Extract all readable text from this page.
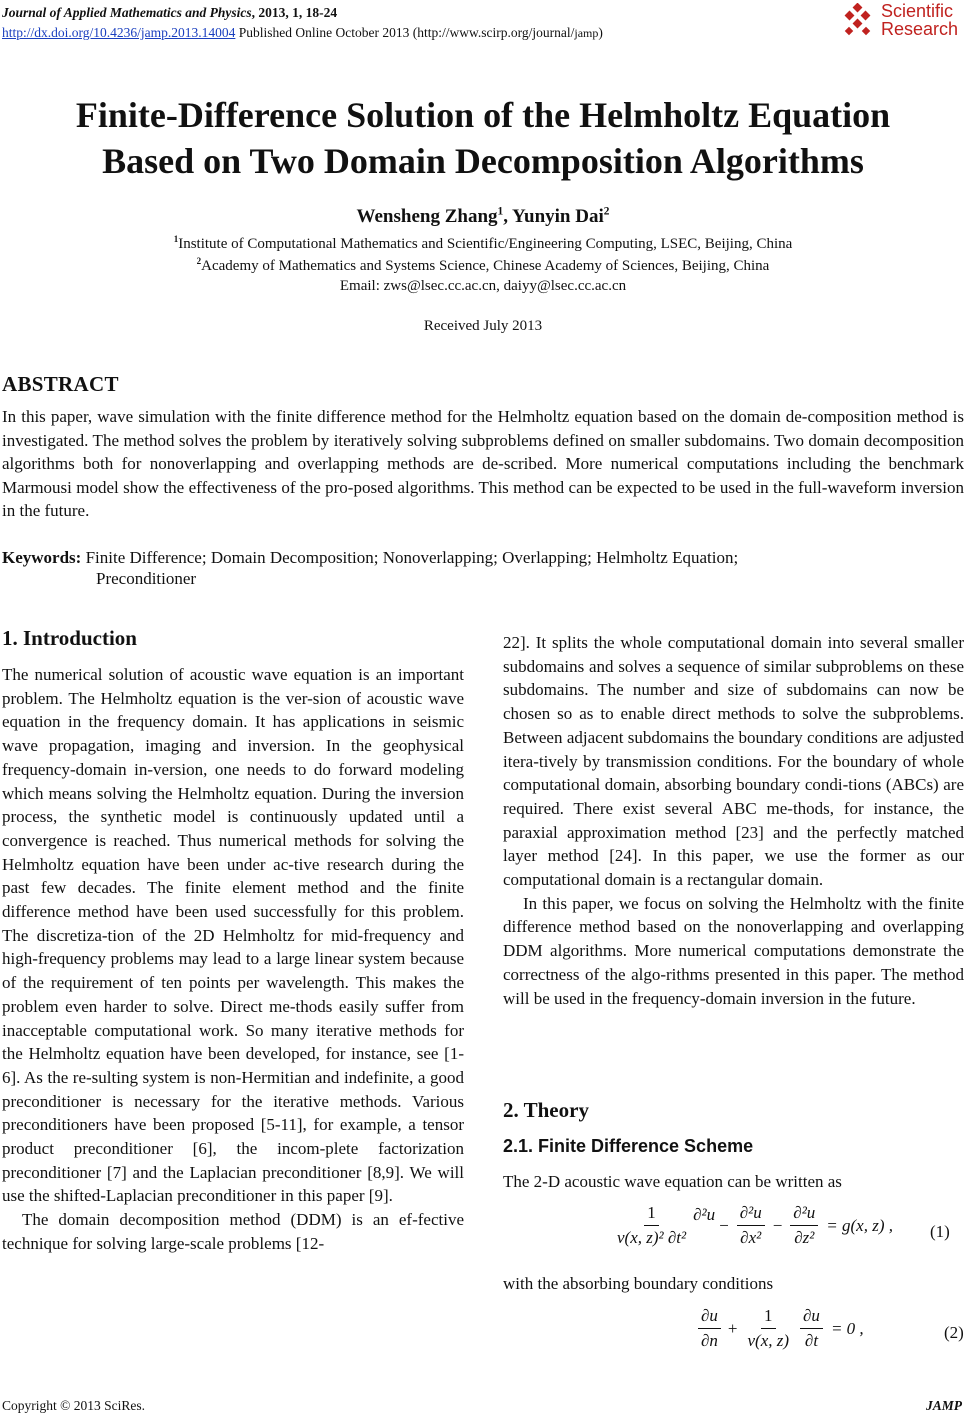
Journal of Applied Mathematics and Physics, 2013, 1, 18-24
http://dx.doi.org/10.4236/jamp.2013.14004 Published Online October 2013 (http://www.scirp.org/journal/jamp)
Scientific
Research
Finite-Difference Solution of the Helmholtz Equation
Based on Two Domain Decomposition Algorithms
Wensheng Zhang$^1$, Yunyin Dai$^2$
$^1$Institute of Computational Mathematics and Scientific/Engineering Computing, LSEC, Beijing, China
$^2$Academy of Mathematics and Systems Science, Chinese Academy of Sciences, Beijing, China
Email: zws@lsec.cc.ac.cn, daiyy@lsec.cc.ac.cn
Received July 2013
ABSTRACT
In this paper, wave simulation with the finite difference method for the Helmholtz equation based on the domain de-composition method is investigated. The method solves the problem by iteratively solving subproblems defined on smaller subdomains. Two domain decomposition algorithms both for nonoverlapping and overlapping methods are de-scribed. More numerical computations including the benchmark Marmousi model show the effectiveness of the pro-posed algorithms. This method can be expected to be used in the full-waveform inversion in the future.
Keywords: Finite Difference; Domain Decomposition; Nonoverlapping; Overlapping; Helmholtz Equation;
Preconditioner
1. Introduction

The numerical solution of acoustic wave equation is an important problem. The Helmholtz equation is the ver-sion of acoustic wave equation in the frequency domain. It has applications in seismic wave propagation, imaging and inversion. In the geophysical frequency-domain in-version, one needs to do forward modeling which means solving the Helmholtz equation. During the inversion process, the synthetic model is continuously updated until a convergence is reached. Thus numerical methods for solving the Helmholtz equation have been under ac-tive research during the past few decades. The finite element method and the finite difference method have been used successfully for this problem. The discretiza-tion of the 2D Helmholtz for mid-frequency and high-frequency problems may lead to a large linear system because of the requirement of ten points per wavelength. This makes the problem even harder to solve. Direct me-thods easily suffer from inacceptable computational work. So many iterative methods for the Helmholtz equation have been developed, for instance, see [1-6]. As the re-sulting system is non-Hermitian and indefinite, a good preconditioner is necessary for the iterative methods. Various preconditioners have been proposed [5-11], for example, a tensor product preconditioner [6], the incom-plete factorization preconditioner [7] and the Laplacian preconditioner [8,9]. We will use the shifted-Laplacian preconditioner in this paper [9].

The domain decomposition method (DDM) is an ef-fective technique for solving large-scale problems [12-

22]. It splits the whole computational domain into several smaller subdomains and solves a sequence of similar subproblems on these subdomains. The number and size of subdomains can now be chosen so as to enable direct methods to solve the subproblems. Between adjacent subdomains the boundary conditions are adjusted itera-tively by transmission conditions. For the boundary of whole computational domain, absorbing boundary condi-tions (ABCs) are required. There exist several ABC me-thods, for instance, the paraxial approximation method [23] and the perfectly matched layer method [24]. In this paper, we use the former as our computational domain is a rectangular domain.

In this paper, we focus on solving the Helmholtz with the finite difference method based on the nonoverlapping and overlapping DDM algorithms. More numerical computations demonstrate the correctness of the algo-rithms presented in this paper. The method will be used in the frequency-domain inversion in the future.

2. Theory
2.1. Finite Difference Scheme
The 2-D acoustic wave equation can be written as
$\frac{1}{\text{v(x, z)² ∂t²}} \partial^2u$
− $\frac{\text{∂²u}}{\text{∂x²}} - \frac{\text{∂²u}}{\text{∂z²}} = g(x$, z) , (1)
with the absorbing boundary conditions
$\frac{\partial u}{\partial n} + \frac{1}{v(x, z)} \frac{\partial u}{\partial t} = 0$ ,	(2)
Copyright © 2013 SciRes.	JAMP
